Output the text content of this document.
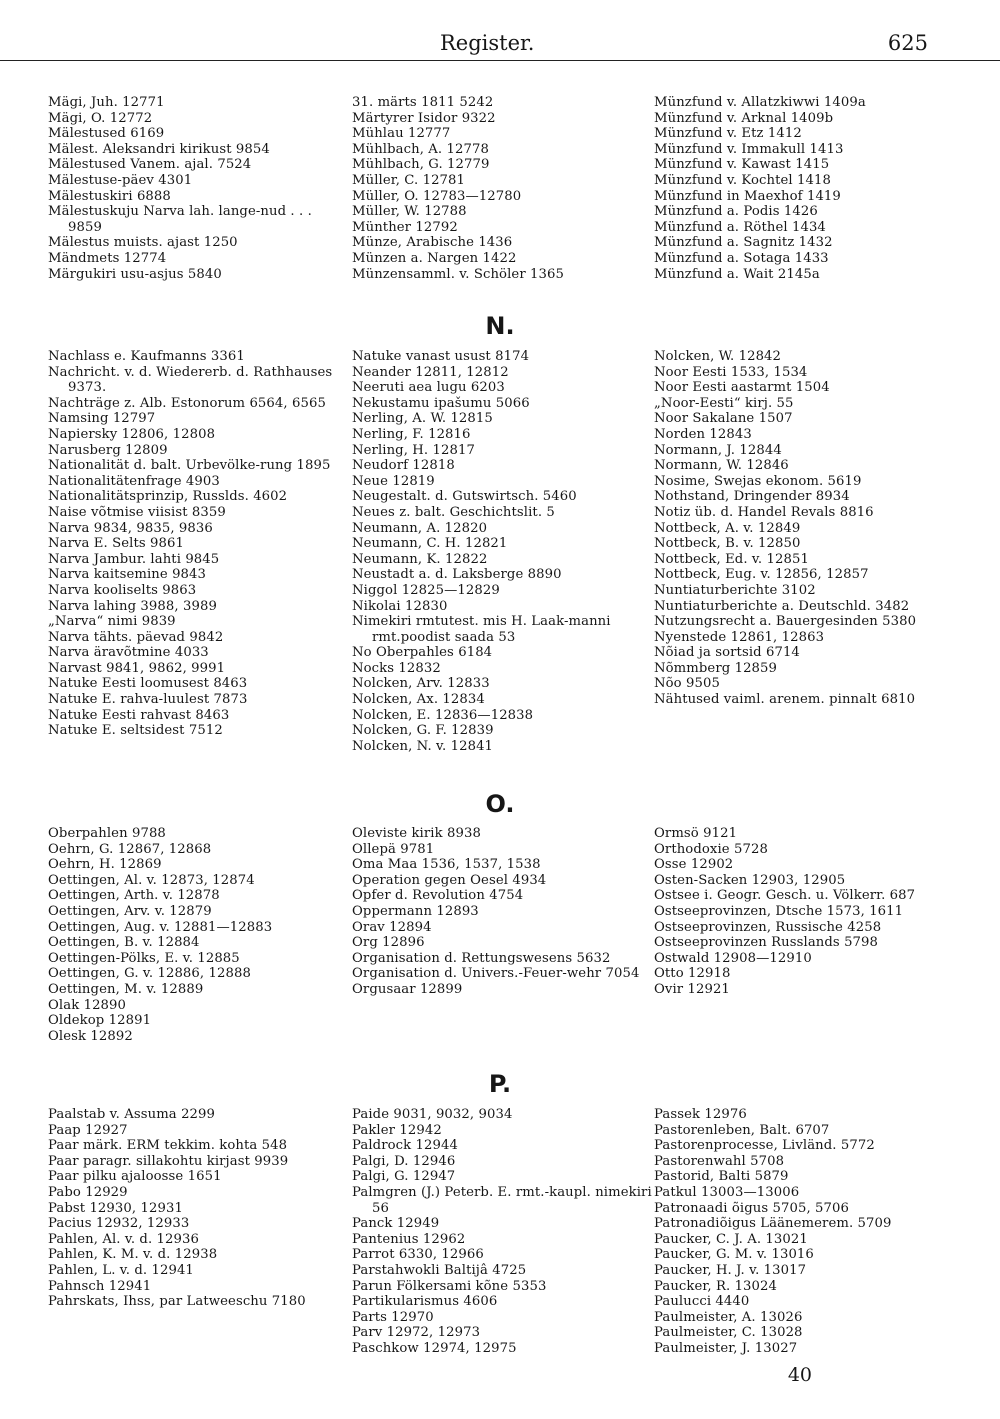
Register.	625
Mägi, Juh. 12771
Mägi, O. 12772
Mälestused 6169
Mälest. Aleksandri kirikust 9854
Mälestused Vanem. ajal. 7524
Mälestuse-päev 4301
Mälestuskiri 6888
Mälestuskuju Narva lah. lange-nud . . . 9859
Mälestus muists. ajast 1250
Mändmets 12774
Märgukiri usu-asjus 5840
31. märts 1811 5242
Märtyrer Isidor 9322
Mühlau 12777
Mühlbach, A. 12778
Mühlbach, G. 12779
Müller, C. 12781
Müller, O. 12783—12780
Müller, W. 12788
Münther 12792
Münze, Arabische 1436
Münzen a. Nargen 1422
Münzensamml. v. Schöler 1365
Münzfund v. Allatzkiwwi 1409a
Münzfund v. Arknal 1409b
Münzfund v. Etz 1412
Münzfund v. Immakull 1413
Münzfund v. Kawast 1415
Münzfund v. Kochtel 1418
Münzfund in Maexhof 1419
Münzfund a. Podis 1426
Münzfund a. Röthel 1434
Münzfund a. Sagnitz 1432
Münzfund a. Sotaga 1433
Münzfund a. Wait 2145a
N.
Nachlass e. Kaufmanns 3361
Nachricht. v. d. Wiedererb. d. Rathhauses 9373.
Nachträge z. Alb. Estonorum 6564, 6565
Namsing 12797
Napiersky 12806, 12808
Narusberg 12809
Nationalität d. balt. Urbevölke-rung 1895
Nationalitätenfrage 4903
Nationalitätsprinzip, Russlds. 4602
Naise võtmise viisist 8359
Narva 9834, 9835, 9836
Narva E. Selts 9861
Narva Jambur. lahti 9845
Narva kaitsemine 9843
Narva kooliselts 9863
Narva lahing 3988, 3989
„Narva“ nimi 9839
Narva tähts. päevad 9842
Narva äravõtmine 4033
Narvast 9841, 9862, 9991
Natuke Eesti loomusest 8463
Natuke E. rahva-luulest 7873
Natuke Eesti rahvast 8463
Natuke E. seltsidest 7512
Natuke vanast usust 8174
Neander 12811, 12812
Neeruti aea lugu 6203
Nekustamu ipašumu 5066
Nerling, A. W. 12815
Nerling, F. 12816
Nerling, H. 12817
Neudorf 12818
Neue 12819
Neugestalt. d. Gutswirtsch. 5460
Neues z. balt. Geschichtslit. 5
Neumann, A. 12820
Neumann, C. H. 12821
Neumann, K. 12822
Neustadt a. d. Laksberge 8890
Niggol 12825—12829
Nikolai 12830
Nimekiri rmtutest. mis H. Laak-manni rmt.poodist saada 53
No Oberpahles 6184
Nocks 12832
Nolcken, Arv. 12833
Nolcken, Ax. 12834
Nolcken, E. 12836—12838
Nolcken, G. F. 12839
Nolcken, N. v. 12841
Nolcken, W. 12842
Noor Eesti 1533, 1534
Noor Eesti aastarmt 1504
„Noor-Eesti“ kirj. 55
Noor Sakalane 1507
Norden 12843
Normann, J. 12844
Normann, W. 12846
Nosime, Swejas ekonom. 5619
Nothstand, Dringender 8934
Notiz üb. d. Handel Revals 8816
Nottbeck, A. v. 12849
Nottbeck, B. v. 12850
Nottbeck, Ed. v. 12851
Nottbeck, Eug. v. 12856, 12857
Nuntiaturberichte 3102
Nuntiaturberichte a. Deutschld. 3482
Nutzungsrecht a. Bauergesinden 5380
Nyenstede 12861, 12863
Nõiad ja sortsid 6714
Nõmmberg 12859
Nõo 9505
Nähtused vaiml. arenem. pinnalt 6810
O.
Oberpahlen 9788
Oehrn, G. 12867, 12868
Oehrn, H. 12869
Oettingen, Al. v. 12873, 12874
Oettingen, Arth. v. 12878
Oettingen, Arv. v. 12879
Oettingen, Aug. v. 12881—12883
Oettingen, B. v. 12884
Oettingen-Pölks, E. v. 12885
Oettingen, G. v. 12886, 12888
Oettingen, M. v. 12889
Olak 12890
Oldekop 12891
Olesk 12892
Oleviste kirik 8938
Ollepä 9781
Oma Maa 1536, 1537, 1538
Operation gegen Oesel 4934
Opfer d. Revolution 4754
Oppermann 12893
Orav 12894
Org 12896
Organisation d. Rettungswesens 5632
Organisation d. Univers.-Feuer-wehr 7054
Orgusaar 12899
Ormsö 9121
Orthodoxie 5728
Osse 12902
Osten-Sacken 12903, 12905
Ostsee i. Geogr. Gesch. u. Völkerr. 687
Ostseeprovinzen, Dtsche 1573, 1611
Ostseeprovinzen, Russische 4258
Ostseeprovinzen Russlands 5798
Ostwald 12908—12910
Otto 12918
Ovir 12921
P.
Paalstab v. Assuma 2299
Paap 12927
Paar märk. ERM tekkim. kohta 548
Paar paragr. sillakohtu kirjast 9939
Paar pilku ajaloosse 1651
Pabo 12929
Pabst 12930, 12931
Pacius 12932, 12933
Pahlen, Al. v. d. 12936
Pahlen, K. M. v. d. 12938
Pahlen, L. v. d. 12941
Pahnsch 12941
Pahrskats, Ihss, par Latweeschu 7180
Paide 9031, 9032, 9034
Pakler 12942
Paldrock 12944
Palgi, D. 12946
Palgi, G. 12947
Palmgren (J.) Peterb. E. rmt.-kaupl. nimekiri 56
Panck 12949
Pantenius 12962
Parrot 6330, 12966
Parstahwokli Baltijâ 4725
Parun Fölkersami kõne 5353
Partikularismus 4606
Parts 12970
Parv 12972, 12973
Paschkow 12974, 12975
Passek 12976
Pastorenleben, Balt. 6707
Pastorenprocesse, Livländ. 5772
Pastorenwahl 5708
Pastorid, Balti 5879
Patkul 13003—13006
Patronaadi õigus 5705, 5706
Patronadiõigus Läänemerem. 5709
Paucker, C. J. A. 13021
Paucker, G. M. v. 13016
Paucker, H. J. v. 13017
Paucker, R. 13024
Paulucci 4440
Paulmeister, A. 13026
Paulmeister, C. 13028
Paulmeister, J. 13027
40
